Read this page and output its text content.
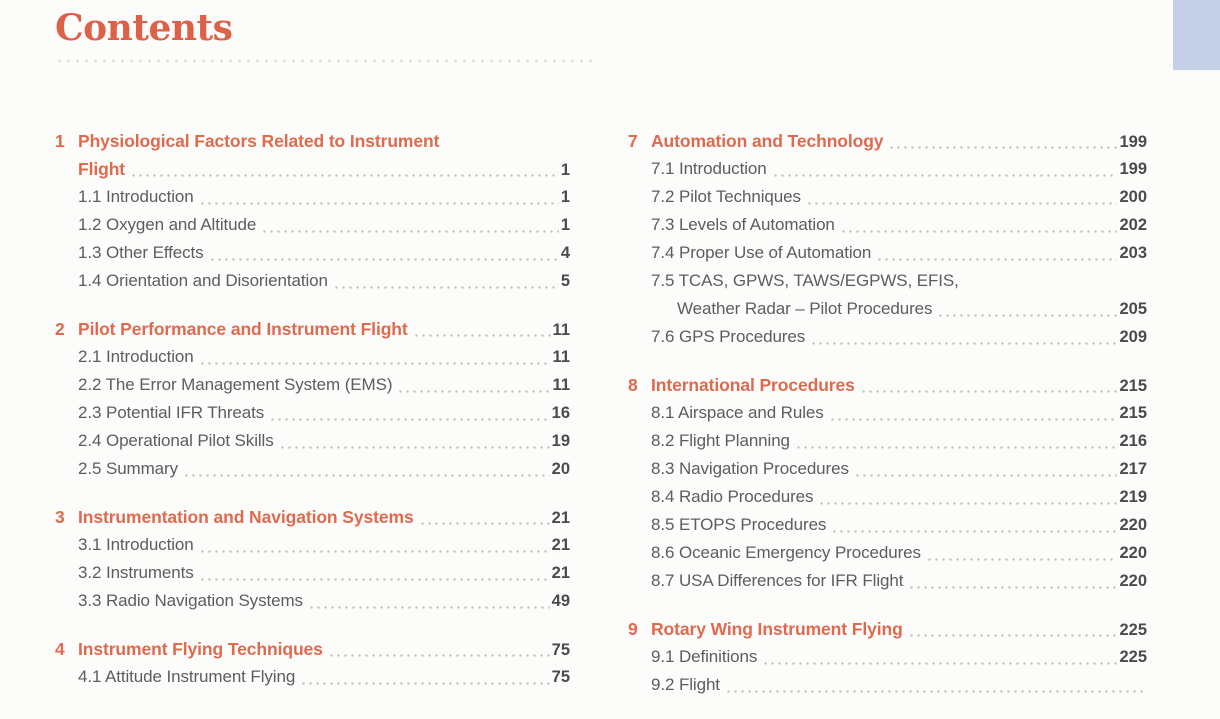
Contents
1 Physiological Factors Related to Instrument
Flight	1
1.1 Introduction	1
1.2 Oxygen and Altitude	1
1.3 Other Effects	4
1.4 Orientation and Disorientation	5
2 Pilot Performance and Instrument Flight	11
2.1 Introduction	11
2.2 The Error Management System (EMS)	11
2.3 Potential IFR Threats	16
2.4 Operational Pilot Skills	19
2.5 Summary	20
3 Instrumentation and Navigation Systems	21
3.1 Introduction	21
3.2 Instruments	21
3.3 Radio Navigation Systems	49
4 Instrument Flying Techniques	75
4.1 Attitude Instrument Flying	75
7 Automation and Technology	199
7.1 Introduction	199
7.2 Pilot Techniques	200
7.3 Levels of Automation	202
7.4 Proper Use of Automation	203
7.5 TCAS, GPWS, TAWS/EGPWS, EFIS,
Weather Radar – Pilot Procedures	205
7.6 GPS Procedures	209
8 International Procedures	215
8.1 Airspace and Rules	215
8.2 Flight Planning	216
8.3 Navigation Procedures	217
8.4 Radio Procedures	219
8.5 ETOPS Procedures	220
8.6 Oceanic Emergency Procedures	220
8.7 USA Differences for IFR Flight	220
9 Rotary Wing Instrument Flying	225
9.1 Definitions	225
9.2 Flight
